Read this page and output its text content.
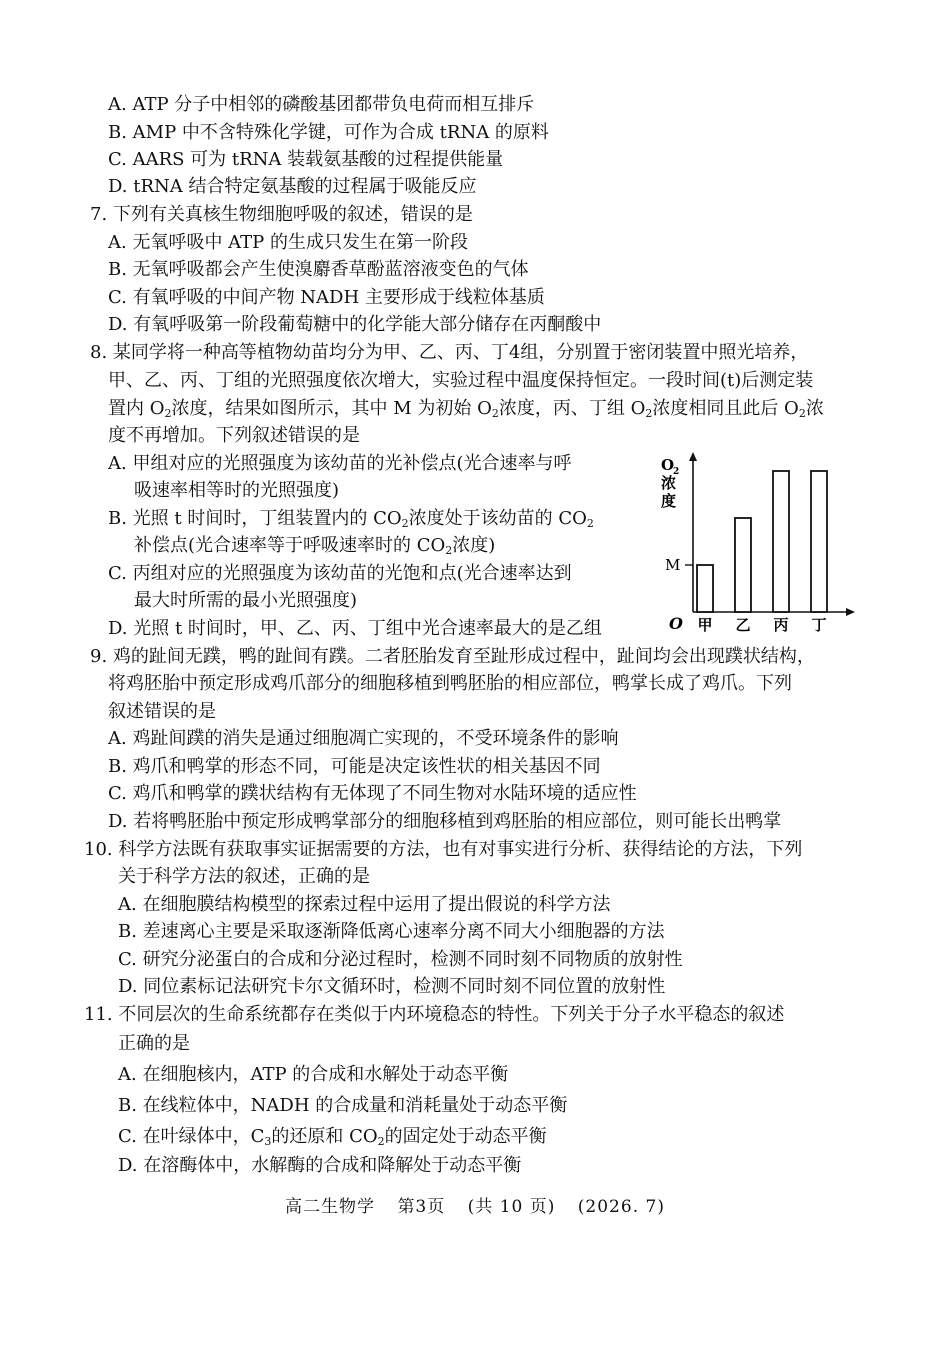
A. ATP 分子中相邻的磷酸基团都带负电荷而相互排斥
B. AMP 中不含特殊化学键，可作为合成 tRNA 的原料
C. AARS 可为 tRNA 装载氨基酸的过程提供能量
D. tRNA 结合特定氨基酸的过程属于吸能反应
7. 下列有关真核生物细胞呼吸的叙述，错误的是
A. 无氧呼吸中 ATP 的生成只发生在第一阶段
B. 无氧呼吸都会产生使溴麝香草酚蓝溶液变色的气体
C. 有氧呼吸的中间产物 NADH 主要形成于线粒体基质
D. 有氧呼吸第一阶段葡萄糖中的化学能大部分储存在丙酮酸中
8. 某同学将一种高等植物幼苗均分为甲、乙、丙、丁4组，分别置于密闭装置中照光培养，
甲、乙、丙、丁组的光照强度依次增大，实验过程中温度保持恒定。一段时间(t)后测定装
置内 $O_2$浓度，结果如图所示，其中 M 为初始 $O_2$浓度，丙、丁组 $O_2$浓度相同且此后 $O_2$浓
度不再增加。下列叙述错误的是
A. 甲组对应的光照强度为该幼苗的光补偿点(光合速率与呼
吸速率相等时的光照强度)
B. 光照 t 时间时，丁组装置内的 $CO_2$浓度处于该幼苗的 $CO_2$
补偿点(光合速率等于呼吸速率时的 $CO_2$浓度)
C. 丙组对应的光照强度为该幼苗的光饱和点(光合速率达到
最大时所需的最小光照强度)
D. 光照 t 时间时，甲、乙、丙、丁组中光合速率最大的是乙组
O
2
浓
度
M
O 甲 乙 丙 丁
9. 鸡的趾间无蹼，鸭的趾间有蹼。二者胚胎发育至趾形成过程中，趾间均会出现蹼状结构，
将鸡胚胎中预定形成鸡爪部分的细胞移植到鸭胚胎的相应部位，鸭掌长成了鸡爪。下列
叙述错误的是
A. 鸡趾间蹼的消失是通过细胞凋亡实现的，不受环境条件的影响
B. 鸡爪和鸭掌的形态不同，可能是决定该性状的相关基因不同
C. 鸡爪和鸭掌的蹼状结构有无体现了不同生物对水陆环境的适应性
D. 若将鸭胚胎中预定形成鸭掌部分的细胞移植到鸡胚胎的相应部位，则可能长出鸭掌
10. 科学方法既有获取事实证据需要的方法，也有对事实进行分析、获得结论的方法，下列
关于科学方法的叙述，正确的是
A. 在细胞膜结构模型的探索过程中运用了提出假说的科学方法
B. 差速离心主要是采取逐渐降低离心速率分离不同大小细胞器的方法
C. 研究分泌蛋白的合成和分泌过程时，检测不同时刻不同物质的放射性
D. 同位素标记法研究卡尔文循环时，检测不同时刻不同位置的放射性
11. 不同层次的生命系统都存在类似于内环境稳态的特性。下列关于分子水平稳态的叙述
正确的是
A. 在细胞核内，ATP 的合成和水解处于动态平衡
B. 在线粒体中，NADH 的合成量和消耗量处于动态平衡
C. 在叶绿体中，$C_3$的还原和 $CO_2$的固定处于动态平衡
D. 在溶酶体中，水解酶的合成和降解处于动态平衡
高二生物学 第3页 (共 10 页) (2026. 7)
